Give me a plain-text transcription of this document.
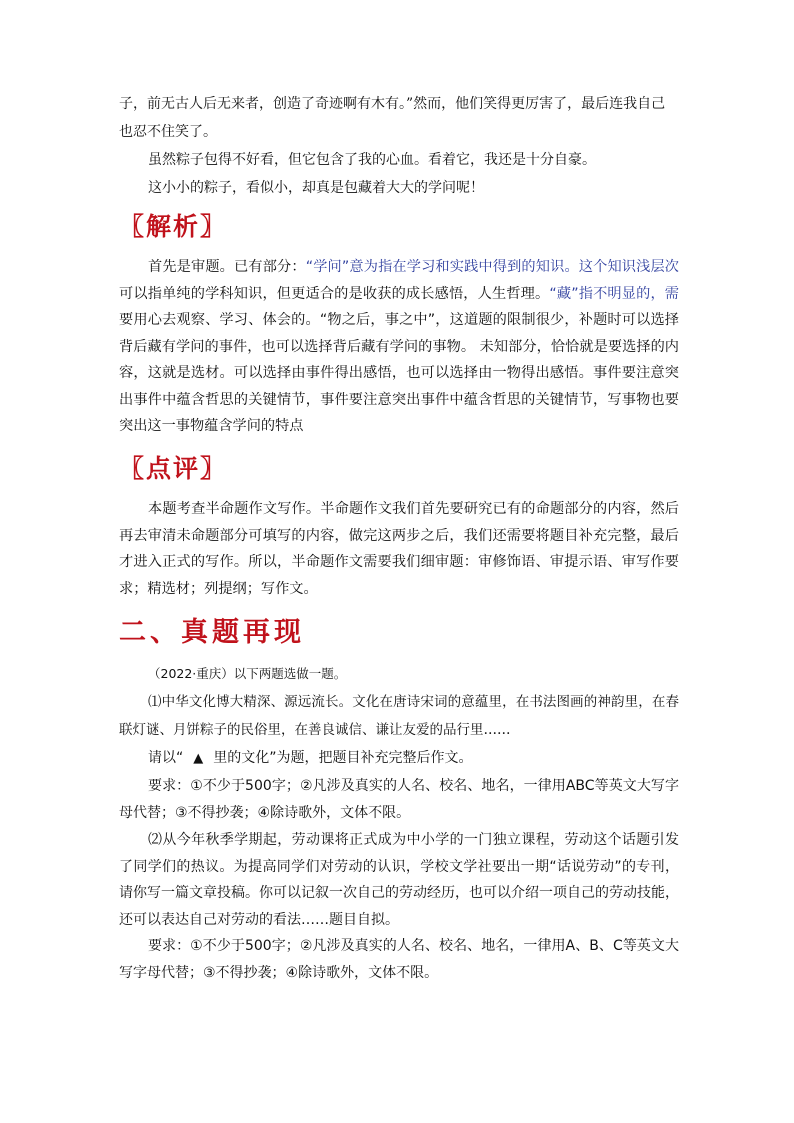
子，前无古人后无来者，创造了奇迹啊有木有。”然而，他们笑得更厉害了，最后连我自己

也忍不住笑了。

虽然粽子包得不好看，但它包含了我的心血。看着它，我还是十分自豪。

这小小的粽子，看似小，却真是包藏着大大的学问呢！

〖解析〗

首先是审题。已有部分：“学问”意为指在学习和实践中得到的知识。这个知识浅层次可以指单纯的学科知识，但更适合的是收获的成长感悟，人生哲理。“藏”指不明显的，需要用心去观察、学习、体会的。“物之后，事之中”，这道题的限制很少，补题时可以选择背后藏有学问的事件，也可以选择背后藏有学问的事物。 未知部分，恰恰就是要选择的内容，这就是选材。可以选择由事件得出感悟，也可以选择由一物得出感悟。事件要注意突出事件中蕴含哲思的关键情节，事件要注意突出事件中蕴含哲思的关键情节，写事物也要突出这一事物蕴含学问的特点

〖点评〗

本题考查半命题作文写作。半命题作文我们首先要研究已有的命题部分的内容，然后再去审清未命题部分可填写的内容，做完这两步之后，我们还需要将题目补充完整，最后才进入正式的写作。所以，半命题作文需要我们细审题：审修饰语、审提示语、审写作要求；精选材；列提纲；写作文。

二、真题再现

（2022·重庆）以下两题选做一题。

⑴中华文化博大精深、源远流长。文化在唐诗宋词的意蕴里，在书法图画的神韵里，在春联灯谜、月饼粽子的民俗里，在善良诚信、谦让友爱的品行里……

请以“ ▲ 里的文化”为题，把题目补充完整后作文。

要求：①不少于500字；②凡涉及真实的人名、校名、地名，一律用ABC等英文大写字母代替；③不得抄袭；④除诗歌外，文体不限。

⑵从今年秋季学期起，劳动课将正式成为中小学的一门独立课程，劳动这个话题引发了同学们的热议。为提高同学们对劳动的认识，学校文学社要出一期“话说劳动”的专刊，请你写一篇文章投稿。你可以记叙一次自己的劳动经历，也可以介绍一项自己的劳动技能，还可以表达自己对劳动的看法……题目自拟。

要求：①不少于500字；②凡涉及真实的人名、校名、地名，一律用A、B、C等英文大写字母代替；③不得抄袭；④除诗歌外，文体不限。
